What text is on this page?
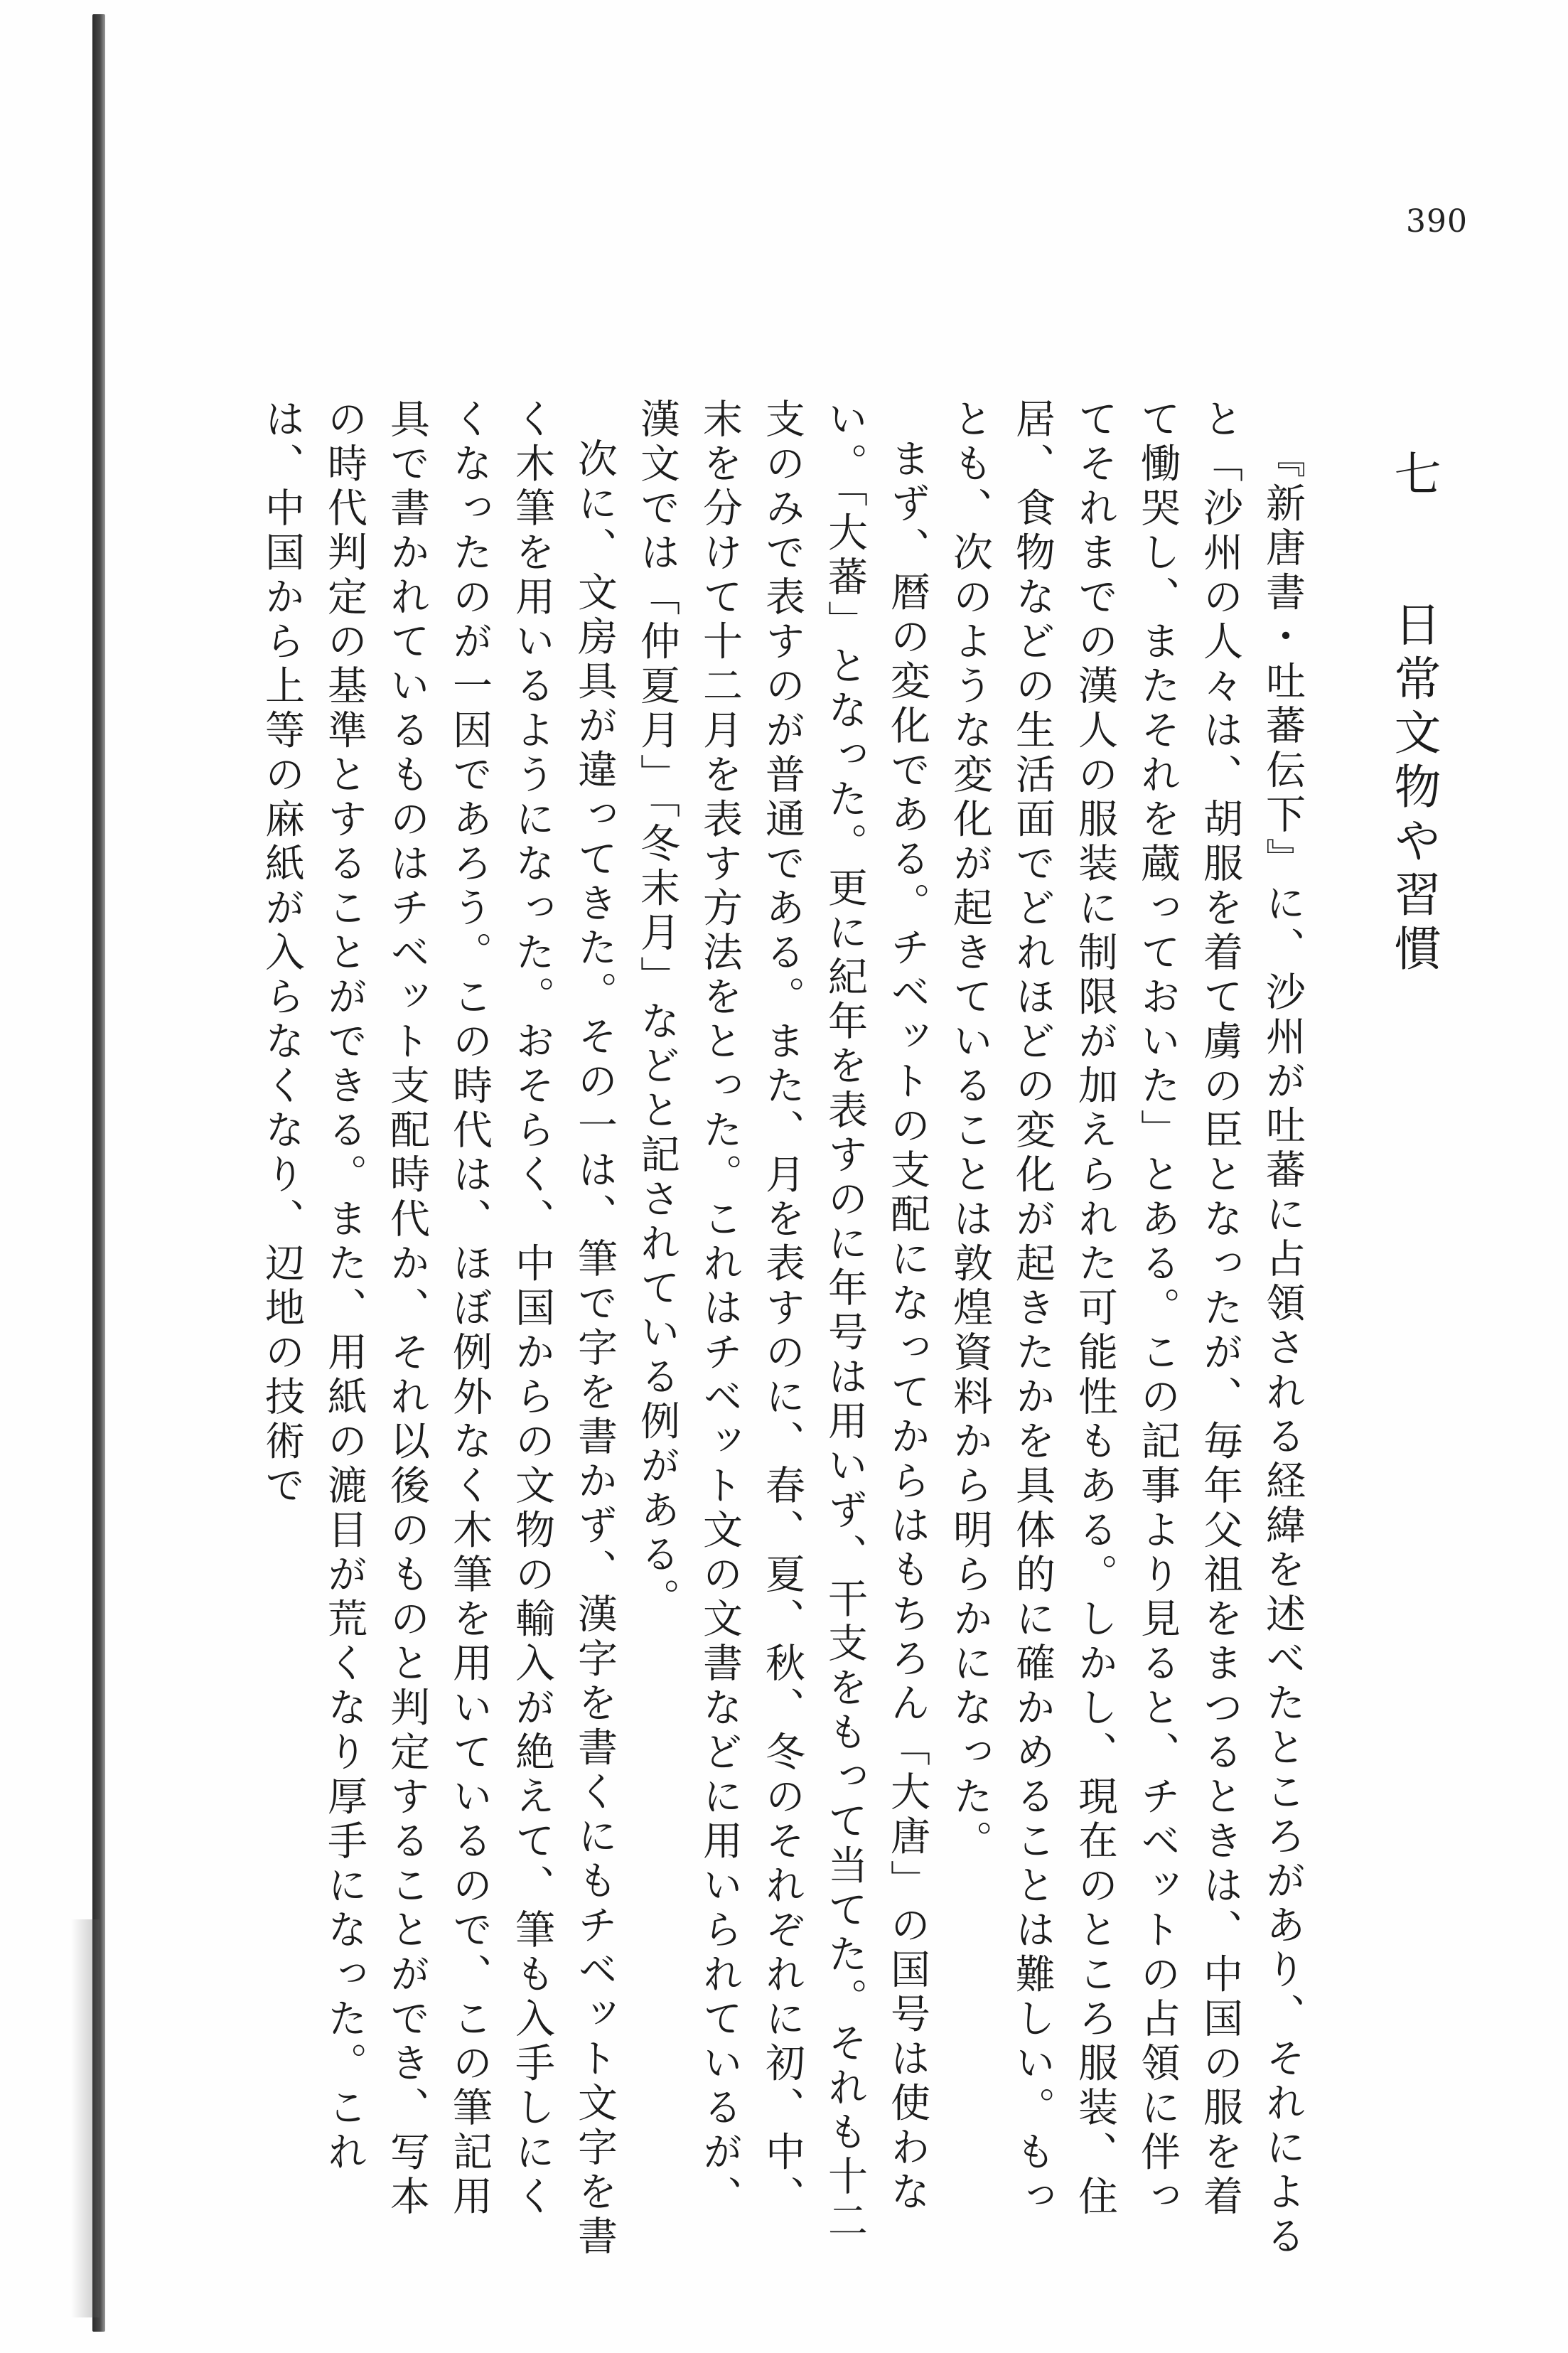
390
七　日常文物や習慣

『新唐書・吐蕃伝下』に、沙州が吐蕃に占領される経緯を述べたところがあり、それによると「沙州の人々は、胡服を着て虜の臣となったが、毎年父祖をまつるときは、中国の服を着て慟哭し、またそれを蔵っておいた」とある。この記事より見ると、チベットの占領に伴ってそれまでの漢人の服装に制限が加えられた可能性もある。しかし、現在のところ服装、住居、食物などの生活面でどれほどの変化が起きたかを具体的に確かめることは難しい。もっとも、次のような変化が起きていることは敦煌資料から明らかになった。

まず、暦の変化である。チベットの支配になってからはもちろん「大唐」の国号は使わない。「大蕃」となった。更に紀年を表すのに年号は用いず、干支をもって当てた。それも十二支のみで表すのが普通である。また、月を表すのに、春、夏、秋、冬のそれぞれに初、中、末を分けて十二月を表す方法をとった。これはチベット文の文書などに用いられているが、漢文では「仲夏月」「冬末月」などと記されている例がある。

次に、文房具が違ってきた。その一は、筆で字を書かず、漢字を書くにもチベット文字を書く木筆を用いるようになった。おそらく、中国からの文物の輸入が絶えて、筆も入手しにくくなったのが一因であろう。この時代は、ほぼ例外なく木筆を用いているので、この筆記用具で書かれているものはチベット支配時代か、それ以後のものと判定することができ、写本の時代判定の基準とすることができる。また、用紙の漉目が荒くなり厚手になった。これは、中国から上等の麻紙が入らなくなり、辺地の技術で
